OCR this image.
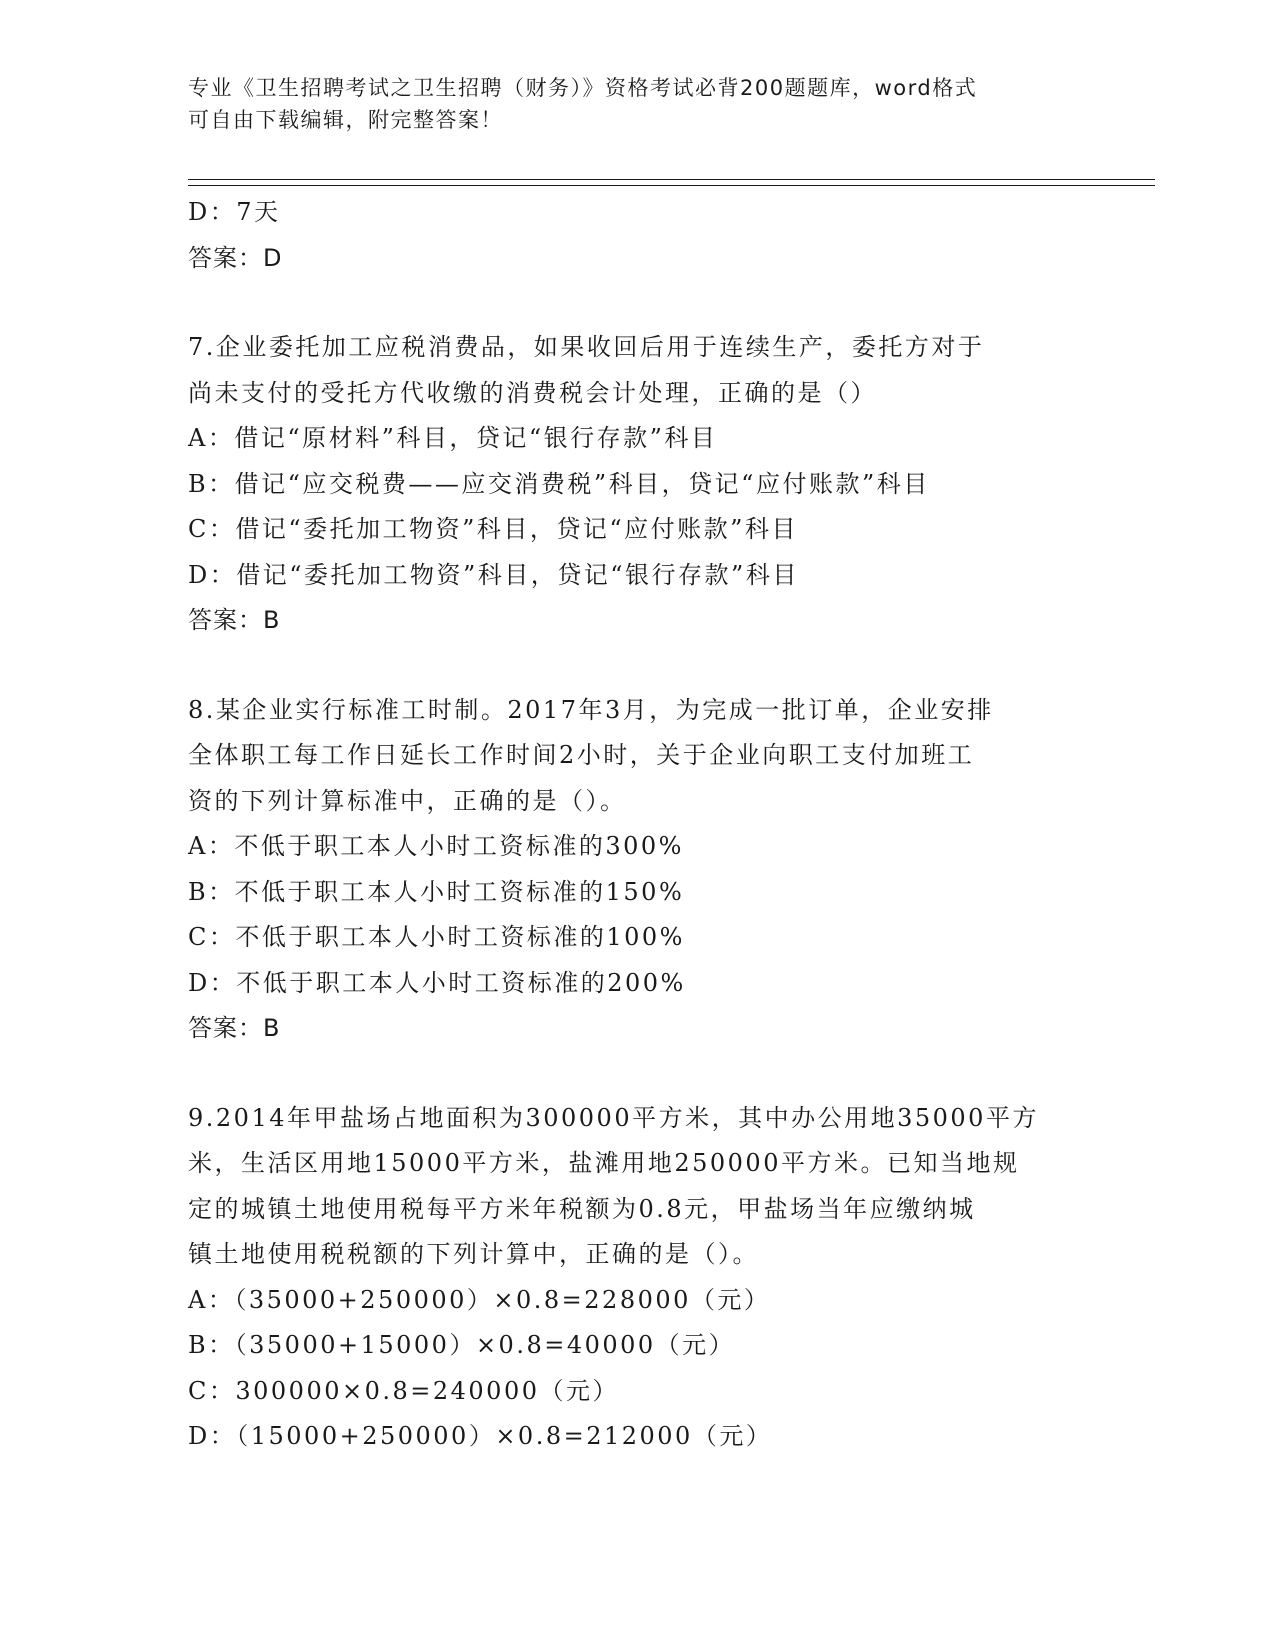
专业《卫生招聘考试之卫生招聘（财务）》资格考试必背200题题库，word格式
可自由下载编辑，附完整答案！
D：7天
答案：D
7.企业委托加工应税消费品，如果收回后用于连续生产，委托方对于
尚未支付的受托方代收缴的消费税会计处理，正确的是（）
A：借记“原材料”科目，贷记“银行存款”科目
B：借记“应交税费——应交消费税”科目，贷记“应付账款”科目
C：借记“委托加工物资”科目，贷记“应付账款”科目
D：借记“委托加工物资”科目，贷记“银行存款”科目
答案：B
8.某企业实行标准工时制。2017年3月，为完成一批订单，企业安排
全体职工每工作日延长工作时间2小时，关于企业向职工支付加班工
资的下列计算标准中，正确的是（）。
A：不低于职工本人小时工资标准的300%
B：不低于职工本人小时工资标准的150%
C：不低于职工本人小时工资标准的100%
D：不低于职工本人小时工资标准的200%
答案：B
9.2014年甲盐场占地面积为300000平方米，其中办公用地35000平方
米，生活区用地15000平方米，盐滩用地250000平方米。已知当地规
定的城镇土地使用税每平方米年税额为0.8元，甲盐场当年应缴纳城
镇土地使用税税额的下列计算中，正确的是（）。
A：（35000+250000）×0.8=228000（元）
B：（35000+15000）×0.8=40000（元）
C：300000×0.8=240000（元）
D：（15000+250000）×0.8=212000（元）
